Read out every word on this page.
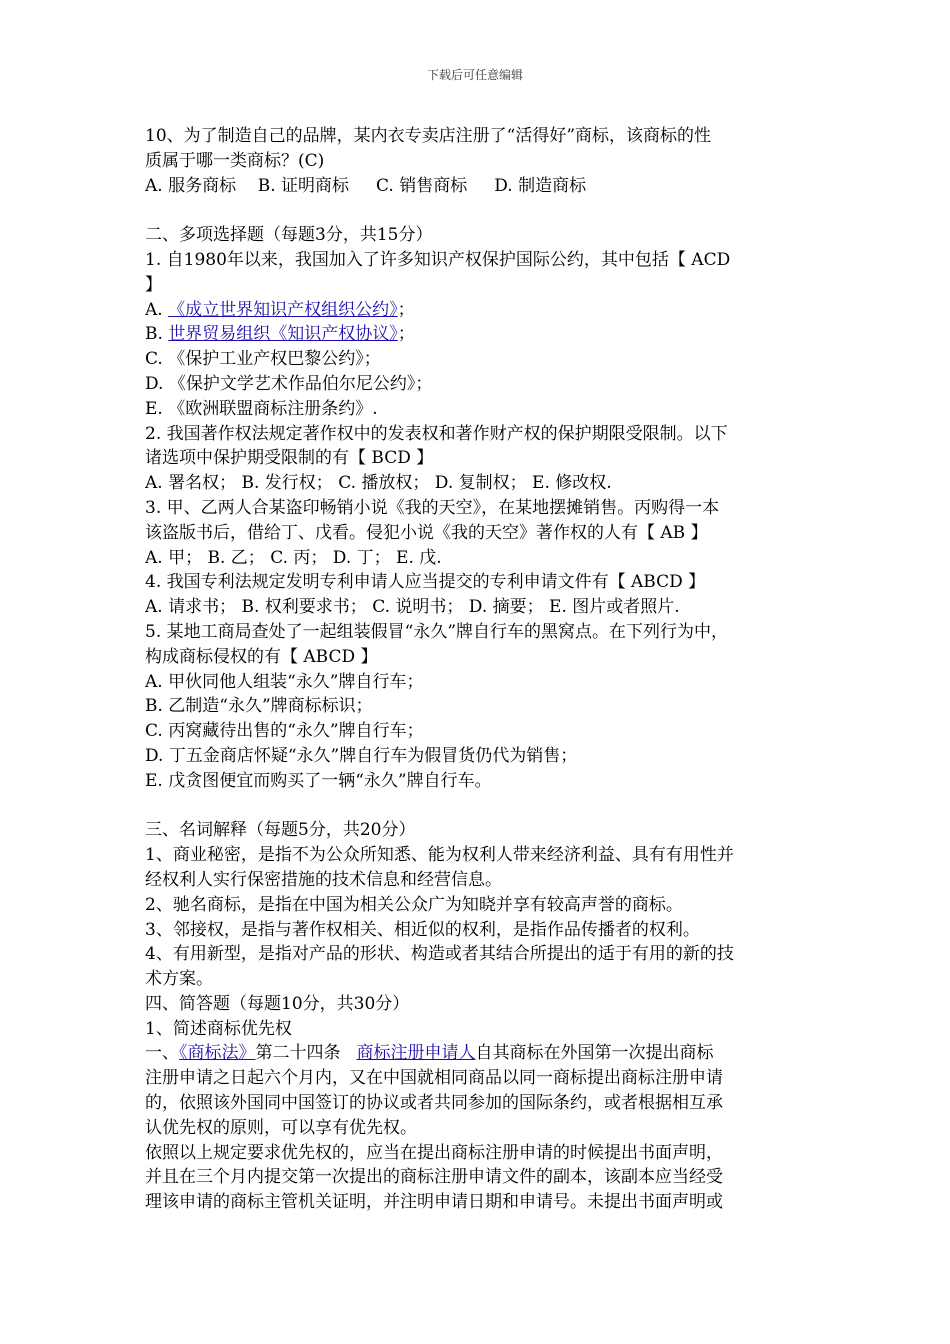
下载后可任意编辑
10、为了制造自己的品牌，某内衣专卖店注册了“活得好”商标，该商标的性
质属于哪一类商标？(C)
A. 服务商标    B. 证明商标     C. 销售商标     D. 制造商标
二、多项选择题（每题3分，共15分）
1. 自1980年以来，我国加入了许多知识产权保护国际公约，其中包括【 ACD
】
A. 《成立世界知识产权组织公约》；
B. 世界贸易组织《知识产权协议》；
C. 《保护工业产权巴黎公约》；
D. 《保护文学艺术作品伯尔尼公约》；
E. 《欧洲联盟商标注册条约》.
2. 我国著作权法规定著作权中的发表权和著作财产权的保护期限受限制。以下
诸选项中保护期受限制的有【 BCD 】
A. 署名权； B. 发行权； C. 播放权； D. 复制权； E. 修改权.
3. 甲、乙两人合某盗印畅销小说《我的天空》，在某地摆摊销售。丙购得一本
该盗版书后，借给丁、戊看。侵犯小说《我的天空》著作权的人有【 AB 】
A. 甲； B. 乙； C. 丙； D. 丁； E. 戊.
4. 我国专利法规定发明专利申请人应当提交的专利申请文件有【 ABCD 】
A. 请求书； B. 权利要求书； C. 说明书； D. 摘要； E. 图片或者照片.
5. 某地工商局查处了一起组装假冒“永久”牌自行车的黑窝点。在下列行为中，
构成商标侵权的有【 ABCD 】
A. 甲伙同他人组装“永久”牌自行车；
B. 乙制造“永久”牌商标标识；
C. 丙窝藏待出售的“永久”牌自行车；
D. 丁五金商店怀疑“永久”牌自行车为假冒货仍代为销售；
E. 戊贪图便宜而购买了一辆“永久”牌自行车。
三、名词解释（每题5分，共20分）
1、商业秘密，是指不为公众所知悉、能为权利人带来经济利益、具有有用性并
经权利人实行保密措施的技术信息和经营信息。
2、驰名商标，是指在中国为相关公众广为知晓并享有较高声誉的商标。
3、邻接权，是指与著作权相关、相近似的权利，是指作品传播者的权利。
4、有用新型，是指对产品的形状、构造或者其结合所提出的适于有用的新的技
术方案。
四、简答题（每题10分，共30分）
1、简述商标优先权
一、《商标法》第二十四条 商标注册申请人自其商标在外国第一次提出商标
注册申请之日起六个月内，又在中国就相同商品以同一商标提出商标注册申请
的，依照该外国同中国签订的协议或者共同参加的国际条约，或者根据相互承
认优先权的原则，可以享有优先权。
依照以上规定要求优先权的，应当在提出商标注册申请的时候提出书面声明，
并且在三个月内提交第一次提出的商标注册申请文件的副本，该副本应当经受
理该申请的商标主管机关证明，并注明申请日期和申请号。未提出书面声明或
